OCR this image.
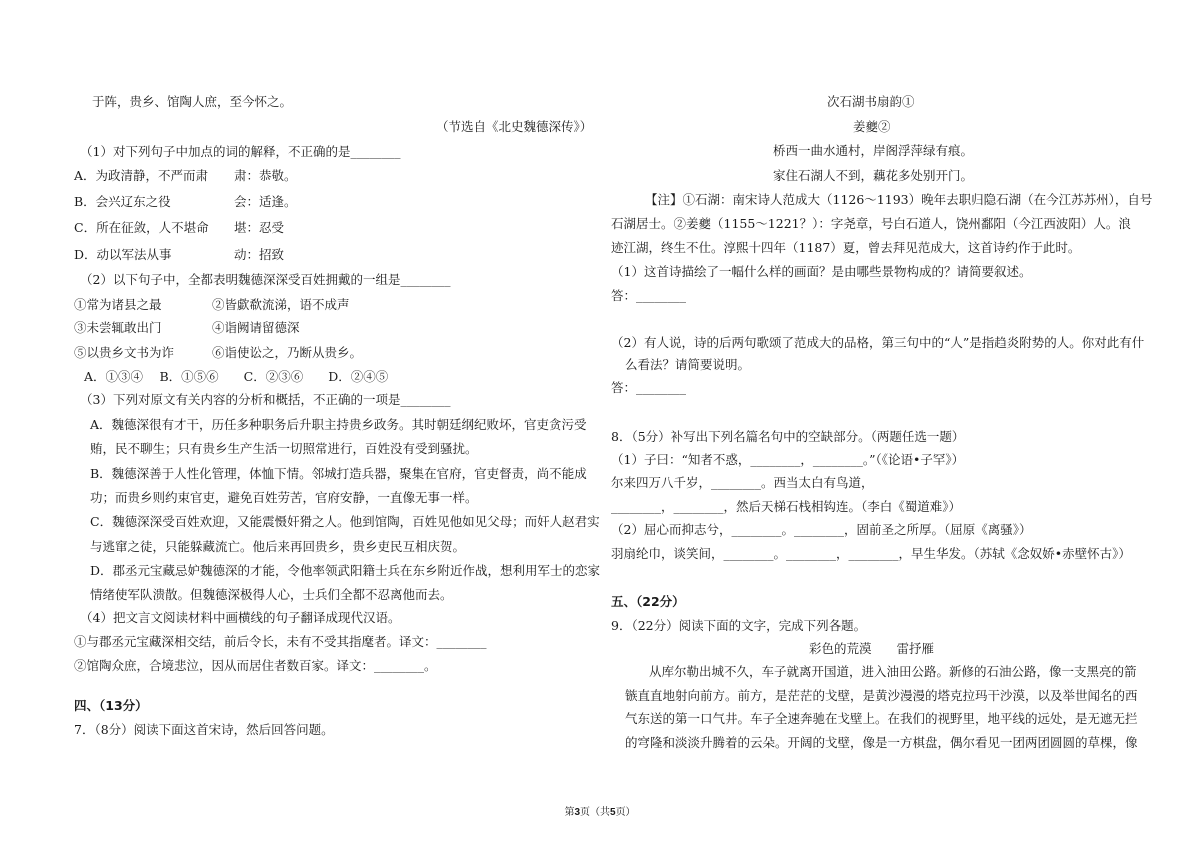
于阵，贵乡、馆陶人庶，至今怀之。
（节选自《北史魏德深传》）
（1）对下列句子中加点的词的解释，不正确的是________
A．为政清静，不严而肃 肃：恭敬。
B．会兴辽东之役	会：适逢。
C．所在征敛，人不堪命 堪：忍受
D．动以军法从事	动：招致
（2）以下句子中，全都表明魏德深深受百姓拥戴的一组是________
①常为诸县之最	②皆歔欷流涕，语不成声
③未尝辄敢出门	④诣阙请留德深
⑤以贵乡文书为诈	⑥诣使讼之，乃断从贵乡。
A．①③④　 B．①⑤⑥　　C．②③⑥　　D．②④⑤
（3）下列对原文有关内容的分析和概括，不正确的一项是________
A．魏德深很有才干，历任多种职务后升职主持贵乡政务。其时朝廷纲纪败坏，官吏贪污受
贿，民不聊生；只有贵乡生产生活一切照常进行，百姓没有受到骚扰。
B．魏德深善于人性化管理，体恤下情。邻城打造兵器，聚集在官府，官吏督责，尚不能成
功；而贵乡则约束官吏，避免百姓劳苦，官府安静，一直像无事一样。
C．魏德深深受百姓欢迎，又能震慑奸猾之人。他到馆陶，百姓见他如见父母；而奸人赵君实
与逃窜之徒，只能躲藏流亡。他后来再回贵乡，贵乡吏民互相庆贺。
D．郡丞元宝藏忌妒魏德深的才能，令他率领武阳籍士兵在东乡附近作战，想利用军士的恋家
情绪使军队溃散。但魏德深极得人心，士兵们全都不忍离他而去。
（4）把文言文阅读材料中画横线的句子翻译成现代汉语。
①与郡丞元宝藏深相交结，前后令长，未有不受其指麾者。译文：________
②馆陶众庶，合境悲泣，因从而居住者数百家。译文：________。
四、（13分）
7．（8分）阅读下面这首宋诗，然后回答问题。
次石湖书扇韵①
姜夔②
桥西一曲水通村，岸阁浮萍绿有痕。
家住石湖人不到，藕花多处别开门。
【注】①石湖：南宋诗人范成大（1126～1193）晚年去职归隐石湖（在今江苏苏州），自号
石湖居士。②姜夔（1155～1221？）：字尧章，号白石道人，饶州鄱阳（今江西波阳）人。浪
迹江湖，终生不仕。淳熙十四年（1187）夏，曾去拜见范成大，这首诗约作于此时。
（1）这首诗描绘了一幅什么样的画面？是由哪些景物构成的？请简要叙述。
答：________
（2）有人说，诗的后两句歌颂了范成大的品格，第三句中的“人”是指趋炎附势的人。你对此有什
么看法？请简要说明。
答：________
8．（5分）补写出下列名篇名句中的空缺部分。（两题任选一题）
（1）子曰：“知者不惑，________，________。”（《论语•子罕》）
尔来四万八千岁，________。西当太白有鸟道，
________，________，然后天梯石栈相钩连。（李白《蜀道难》）
（2）屈心而抑志兮，________。________，固前圣之所厚。（屈原《离骚》）
羽扇纶巾，谈笑间，________。________，________，早生华发。（苏轼《念奴娇•赤壁怀古》）
五、（22分）
9．（22分）阅读下面的文字，完成下列各题。
彩色的荒漠　　雷抒雁
从库尔勒出城不久，车子就离开国道，进入油田公路。新修的石油公路，像一支黑亮的箭
镞直直地射向前方。前方，是茫茫的戈壁，是黄沙漫漫的塔克拉玛干沙漠，以及举世闻名的西
气东送的第一口气井。车子全速奔驰在戈壁上。在我们的视野里，地平线的远处，是无遮无拦
的穹隆和淡淡升腾着的云朵。开阔的戈壁，像是一方棋盘，偶尔看见一团两团圆圆的草棵，像
第3页（共5页）
